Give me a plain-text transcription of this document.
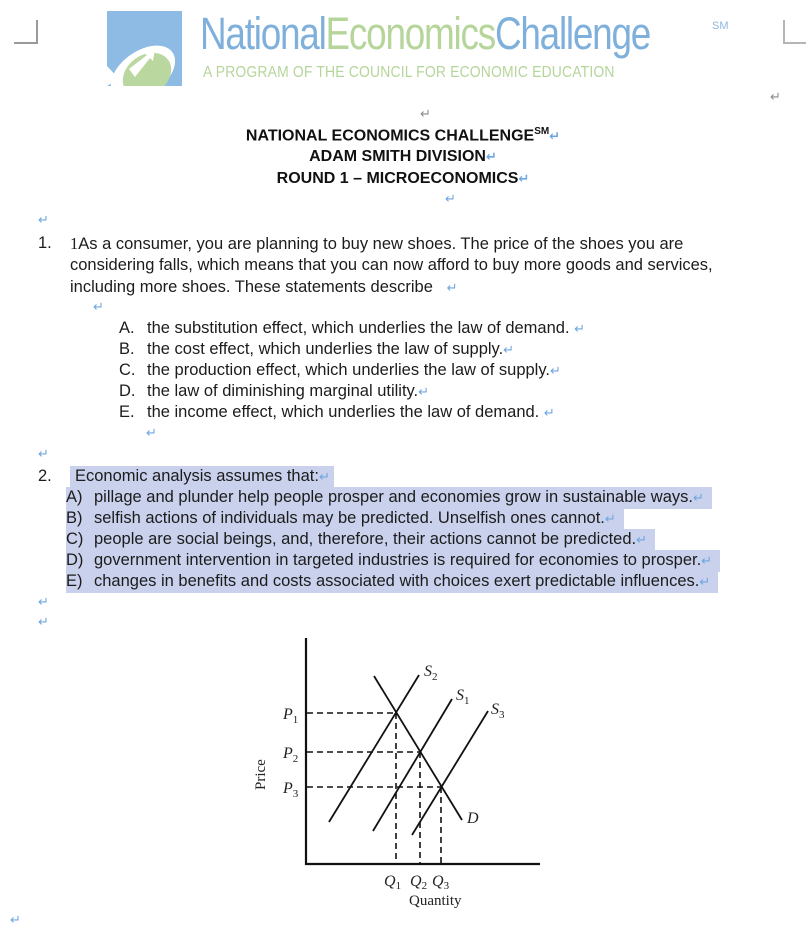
NationalEconomicsChallenge	SM
A PROGRAM OF THE COUNCIL FOR ECONOMIC EDUCATION
↵
↵
NATIONAL ECONOMICS CHALLENGE℠↵
ADAM SMITH DIVISION↵
ROUND 1 – MICROECONOMICS↵
↵
↵
1. 1As a consumer, you are planning to buy new shoes. The price of the shoes you are
considering falls, which means that you can now afford to buy more goods and services,
including more shoes. These statements describe ↵
↵
A. the substitution effect, which underlies the law of demand. ↵
B. the cost effect, which underlies the law of supply.↵
C. the production effect, which underlies the law of supply.↵
D. the law of diminishing marginal utility.↵
E. the income effect, which underlies the law of demand. ↵
↵
↵
2.	Economic analysis assumes that:↵
A) pillage and plunder help people prosper and economies grow in sustainable ways.↵
B) selfish actions of individuals may be predicted. Unselfish ones cannot.↵
C) people are social beings, and, therefore, their actions cannot be predicted.↵
D) government intervention in targeted industries is required for economies to prosper.↵
E) changes in benefits and costs associated with choices exert predictable influences.↵
↵
↵
$S_2$
$S_1$ $S_3$
D
$P_1$
$P_2$
$P_3$
Q1 Q2 Q3
Quantity
Price
↵
